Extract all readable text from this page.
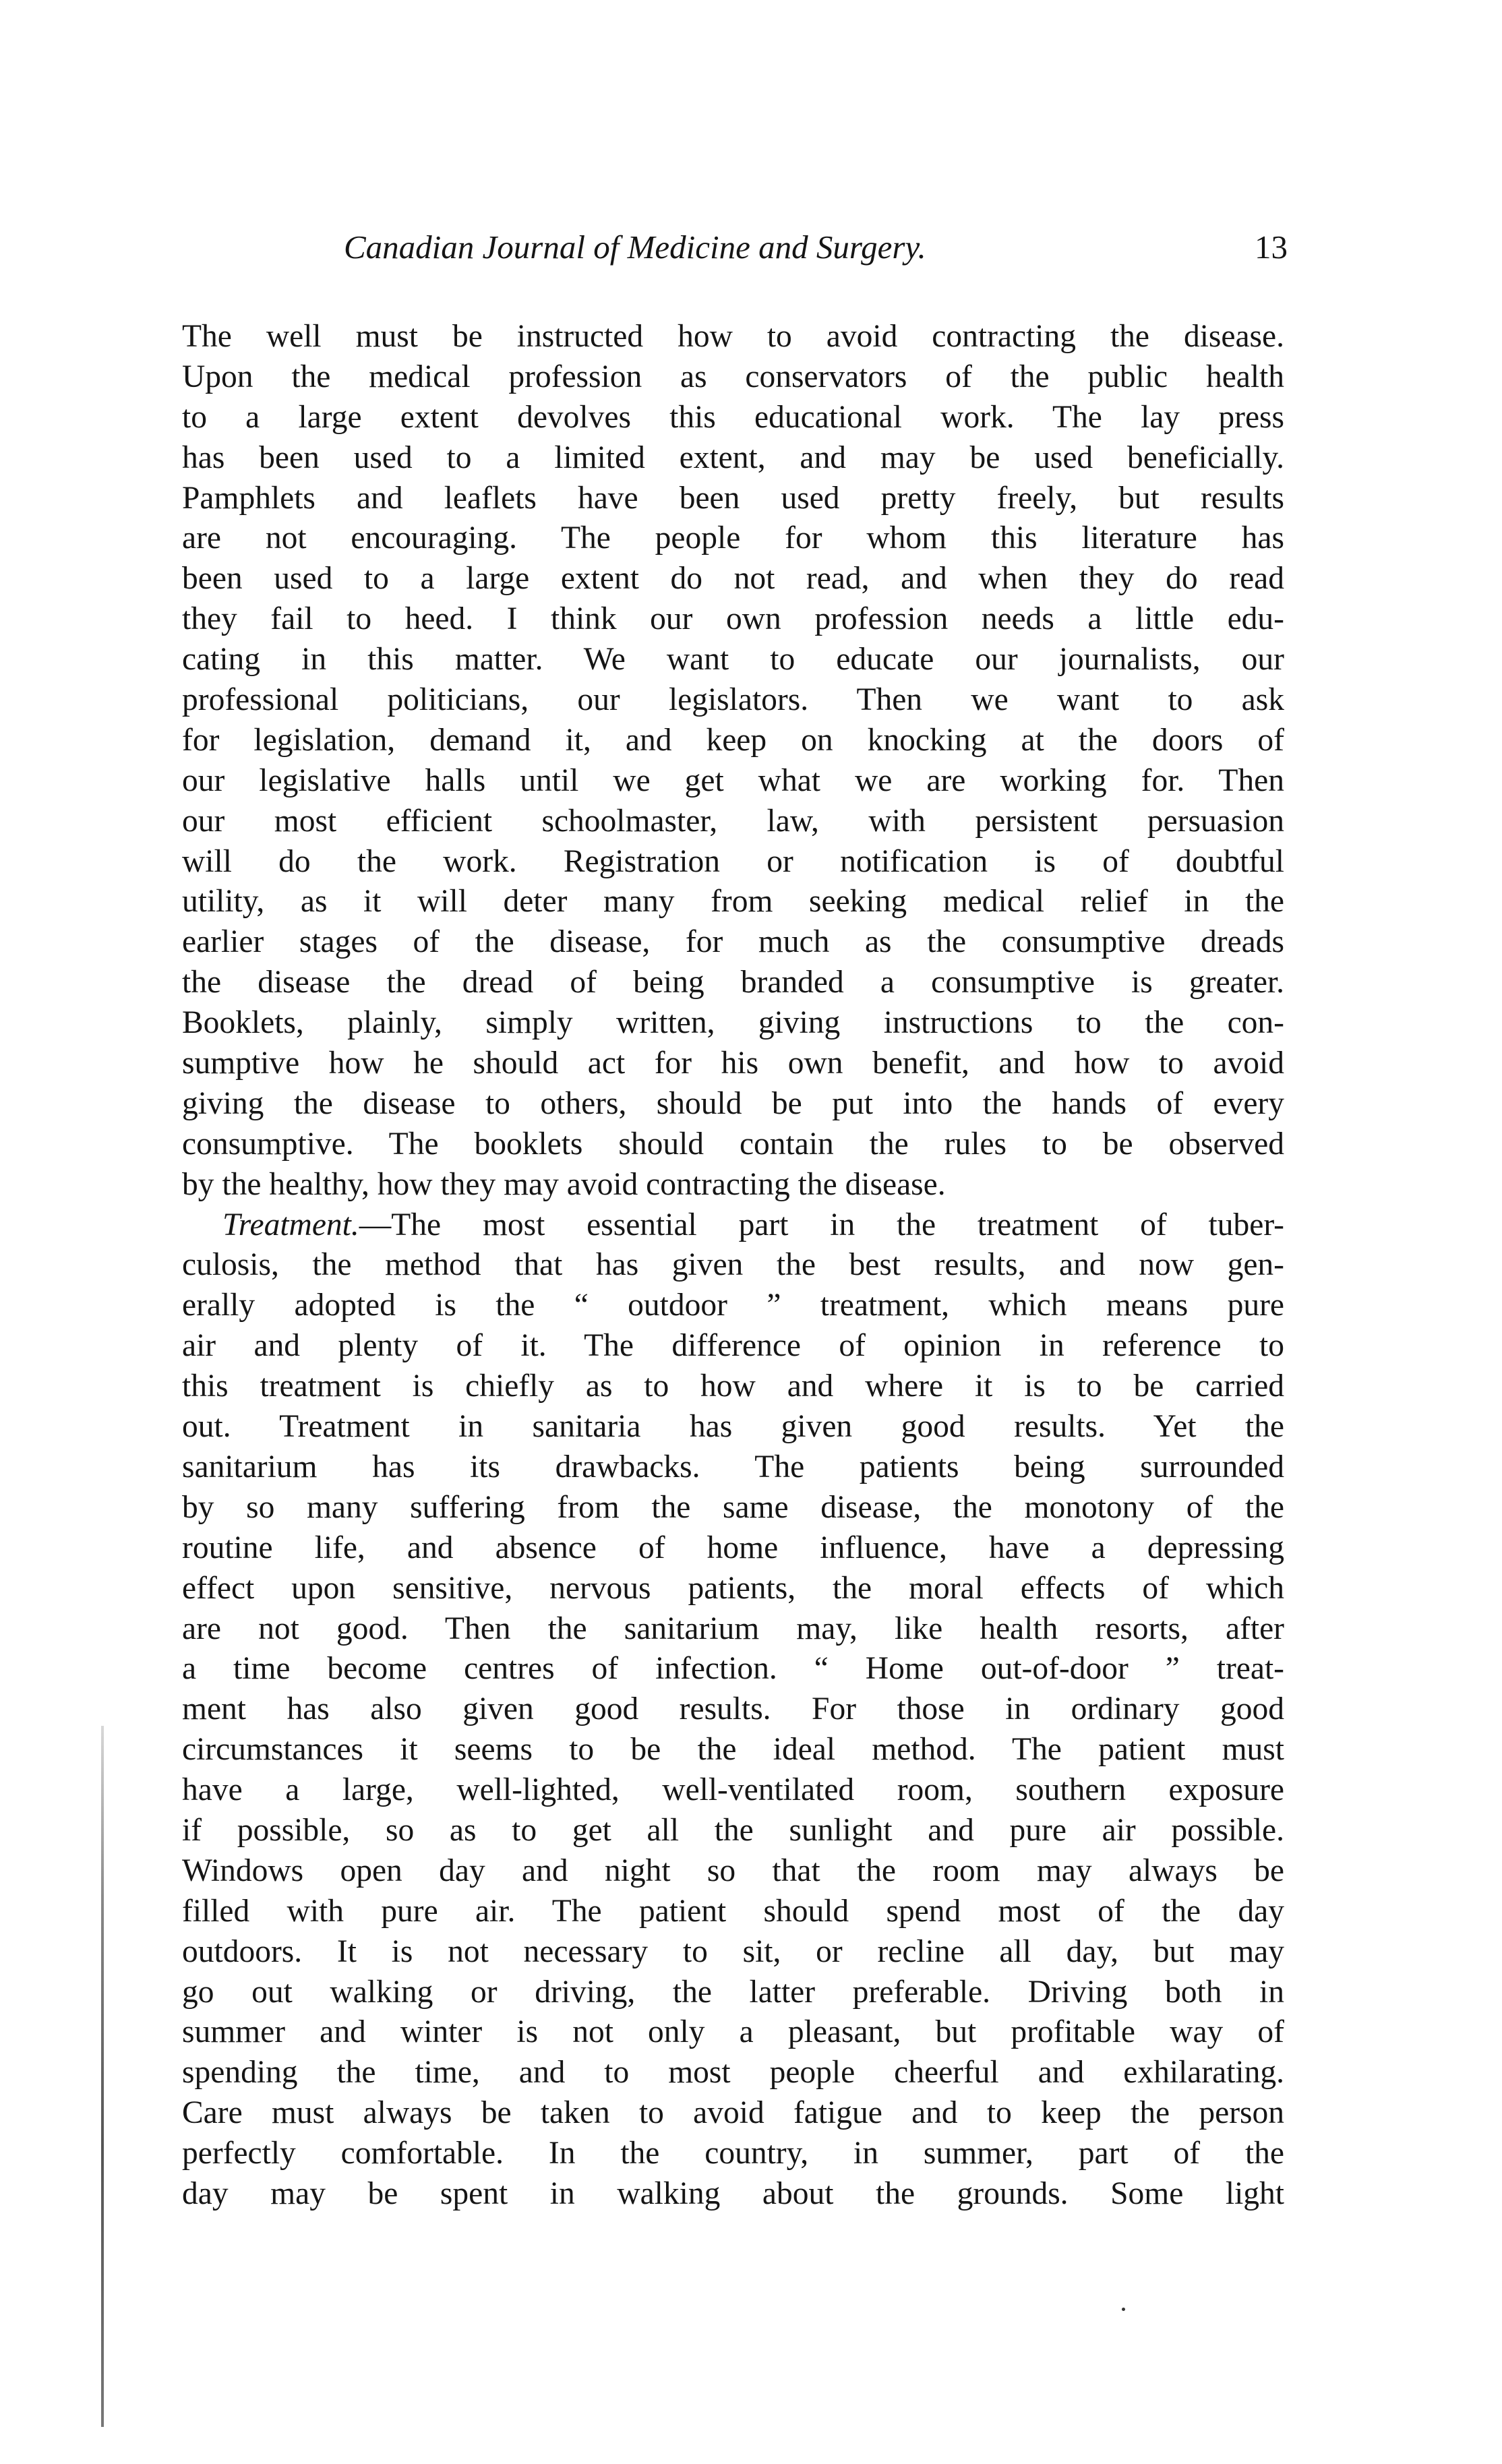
Canadian Journal of Medicine and Surgery.	13
The well must be instructed how to avoid contracting the disease.
Upon the medical profession as conservators of the public health
to a large extent devolves this educational work. The lay press
has been used to a limited extent, and may be used beneficially.
Pamphlets and leaflets have been used pretty freely, but results
are not encouraging. The people for whom this literature has
been used to a large extent do not read, and when they do read
they fail to heed. I think our own profession needs a little edu-
cating in this matter. We want to educate our journalists, our
professional politicians, our legislators. Then we want to ask
for legislation, demand it, and keep on knocking at the doors of
our legislative halls until we get what we are working for. Then
our most efficient schoolmaster, law, with persistent persuasion
will do the work. Registration or notification is of doubtful
utility, as it will deter many from seeking medical relief in the
earlier stages of the disease, for much as the consumptive dreads
the disease the dread of being branded a consumptive is greater.
Booklets, plainly, simply written, giving instructions to the con-
sumptive how he should act for his own benefit, and how to avoid
giving the disease to others, should be put into the hands of every
consumptive. The booklets should contain the rules to be observed
by the healthy, how they may avoid contracting the disease.
Treatment.—The most essential part in the treatment of tuber-
culosis, the method that has given the best results, and now gen-
erally adopted is the “ outdoor ” treatment, which means pure
air and plenty of it. The difference of opinion in reference to
this treatment is chiefly as to how and where it is to be carried
out. Treatment in sanitaria has given good results. Yet the
sanitarium has its drawbacks. The patients being surrounded
by so many suffering from the same disease, the monotony of the
routine life, and absence of home influence, have a depressing
effect upon sensitive, nervous patients, the moral effects of which
are not good. Then the sanitarium may, like health resorts, after
a time become centres of infection. “ Home out-of-door ” treat-
ment has also given good results. For those in ordinary good
circumstances it seems to be the ideal method. The patient must
have a large, well-lighted, well-ventilated room, southern exposure
if possible, so as to get all the sunlight and pure air possible.
Windows open day and night so that the room may always be
filled with pure air. The patient should spend most of the day
outdoors. It is not necessary to sit, or recline all day, but may
go out walking or driving, the latter preferable. Driving both in
summer and winter is not only a pleasant, but profitable way of
spending the time, and to most people cheerful and exhilarating.
Care must always be taken to avoid fatigue and to keep the person
perfectly comfortable. In the country, in summer, part of the
day may be spent in walking about the grounds. Some light
